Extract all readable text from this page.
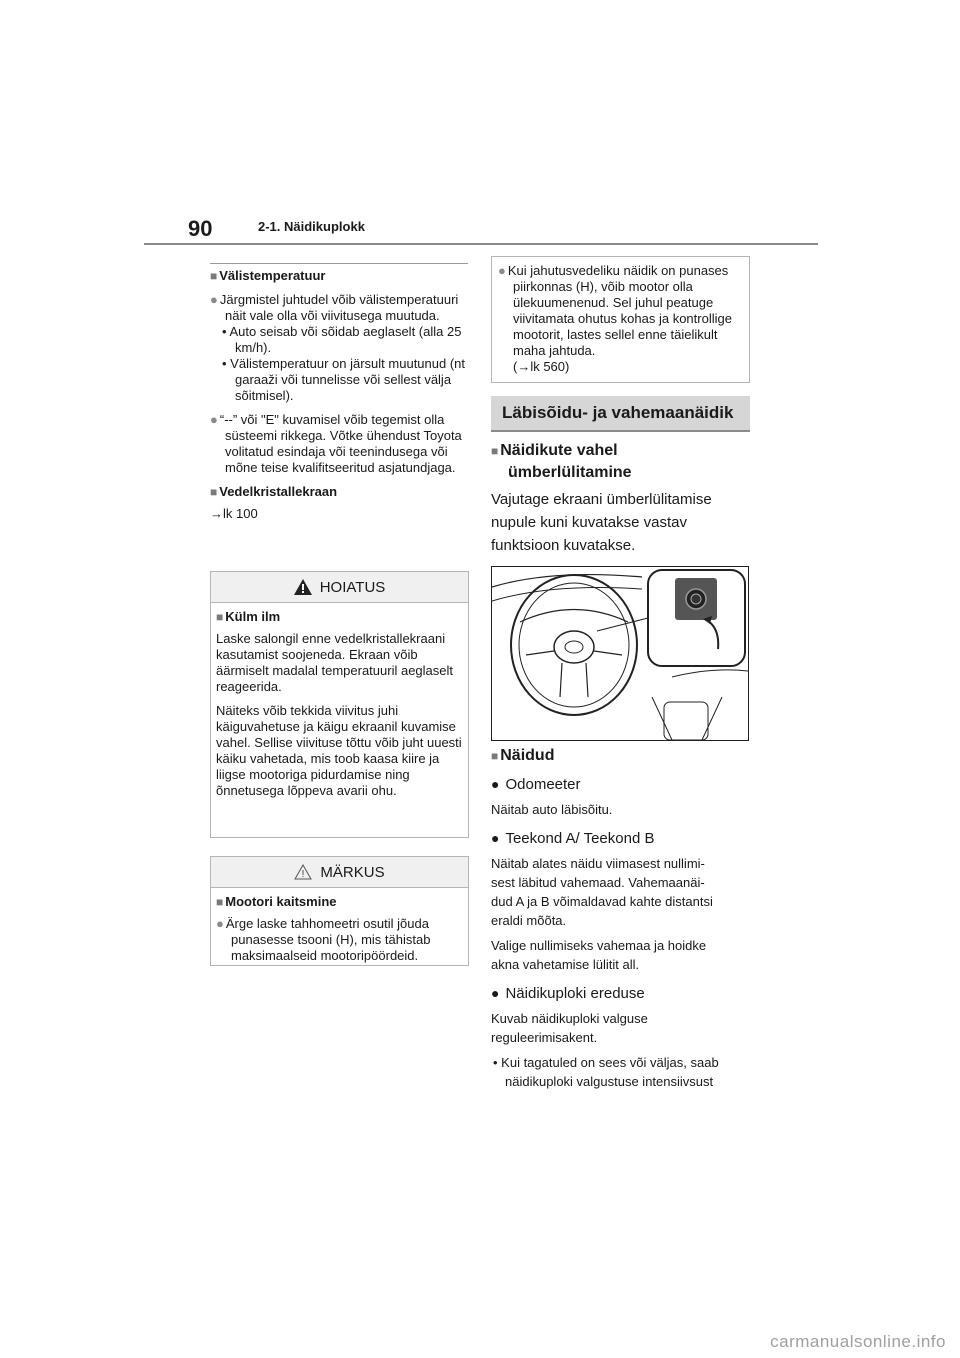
90	2-1. Näidikuplokk

■ Välistemperatuur

● Järgmistel juhtudel võib välistemperatuuri näit vale olla või viivitusega muutuda.

• Auto seisab või sõidab aeglaselt (alla 25 km/h).

• Välistemperatuur on järsult muutunud (nt garaaži või tunnelisse või sellest välja sõitmisel).

● “--” või "E" kuvamisel võib tegemist olla süsteemi rikkega. Võtke ühendust Toyota volitatud esindaja või teenindusega või mõne teise kvalifitseeritud asjatundjaga.

■ Vedelkristallekraan

→lk 100

HOIATUS

■ Külm ilm

Laske salongil enne vedelkristallekraani kasutamist soojeneda. Ekraan võib äärmiselt madalal temperatuuril aeglaselt reageerida.

Näiteks võib tekkida viivitus juhi käiguvahetuse ja käigu ekraanil kuvamise vahel. Sellise viivituse tõttu võib juht uuesti käiku vahetada, mis toob kaasa kiire ja liigse mootoriga pidurdamise ning õnnetusega lõppeva avarii ohu.

MÄRKUS

■ Mootori kaitsmine

● Ärge laske tahhomeetri osutil jõuda punasesse tsooni (H), mis tähistab maksimaalseid mootoripöördeid.

● Kui jahutusvedeliku näidik on punases piirkonnas (H), võib mootor olla ülekuumenenud. Sel juhul peatuge viivitamata ohutus kohas ja kontrollige mootorit, lastes sellel enne täielikult maha jahtuda.

(→lk 560)

Läbisõidu- ja vahemaanäidik
■ Näidikute vahel
ümberlülitamine
Vajutage ekraani ümberlülitamise
nupule kuni kuvatakse vastav
funktsioon kuvatakse.
■ Näidud
● Odomeeter
Näitab auto läbisõitu.
● Teekond A/ Teekond B
Näitab alates näidu viimasest nullimi-
sest läbitud vahemaad. Vahemaanäi-
dud A ja B võimaldavad kahte distantsi
eraldi mõõta.
Valige nullimiseks vahemaa ja hoidke
akna vahetamise lülitit all.
● Näidikuploki ereduse
Kuvab näidikuploki valguse
reguleerimisakent.
• Kui tagatuled on sees või väljas, saab
näidikuploki valgustuse intensiivsust
carmanualsonline.info
